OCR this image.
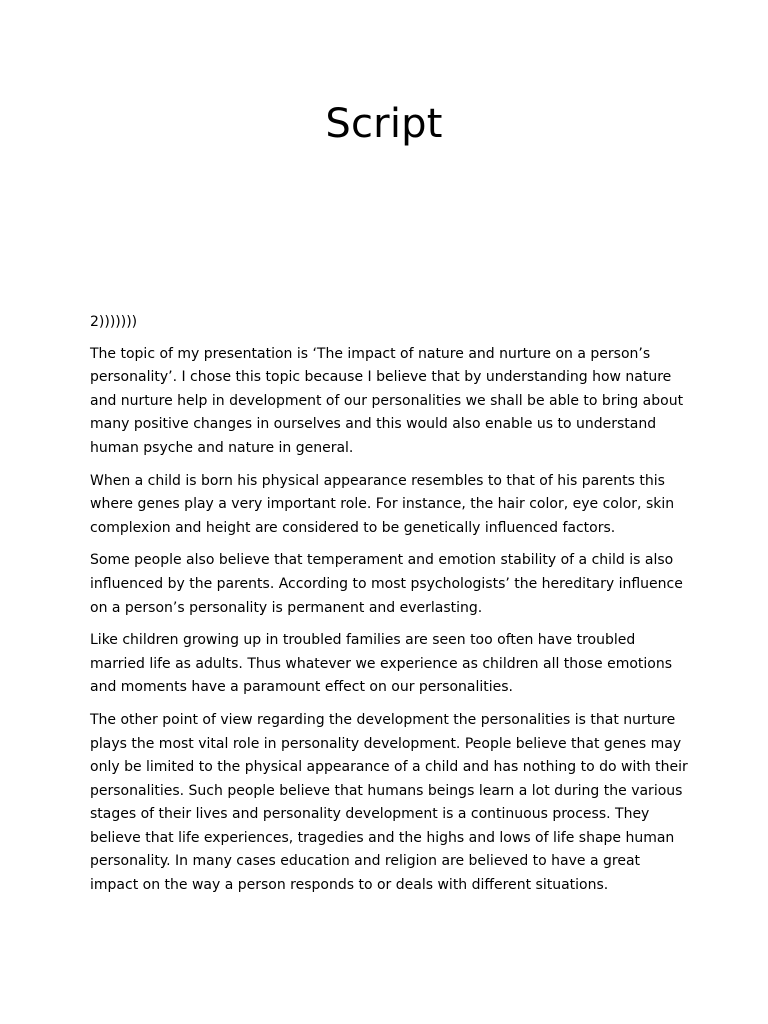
Script

2)))))))

The topic of my presentation is ‘The impact of nature and nurture on a person’s personality’. I chose this topic because I believe that by understanding how nature and nurture help in development of our personalities we shall be able to bring about many positive changes in ourselves and this would also enable us to understand human psyche and nature in general.

When a child is born his physical appearance resembles to that of his parents this where genes play a very important role. For instance, the hair color, eye color, skin complexion and height are considered to be genetically influenced factors.

Some people also believe that temperament and emotion stability of a child is also influenced by the parents. According to most psychologists’ the hereditary influence on a person’s personality is permanent and everlasting.

Like children growing up in troubled families are seen too often have troubled married life as adults. Thus whatever we experience as children all those emotions and moments have a paramount effect on our personalities.

The other point of view regarding the development the personalities is that nurture plays the most vital role in personality development. People believe that genes may only be limited to the physical appearance of a child and has nothing to do with their personalities. Such people believe that humans beings learn a lot during the various stages of their lives and personality development is a continuous process. They believe that life experiences, tragedies and the highs and lows of life shape human personality. In many cases education and religion are believed to have a great impact on the way a person responds to or deals with different situations.
